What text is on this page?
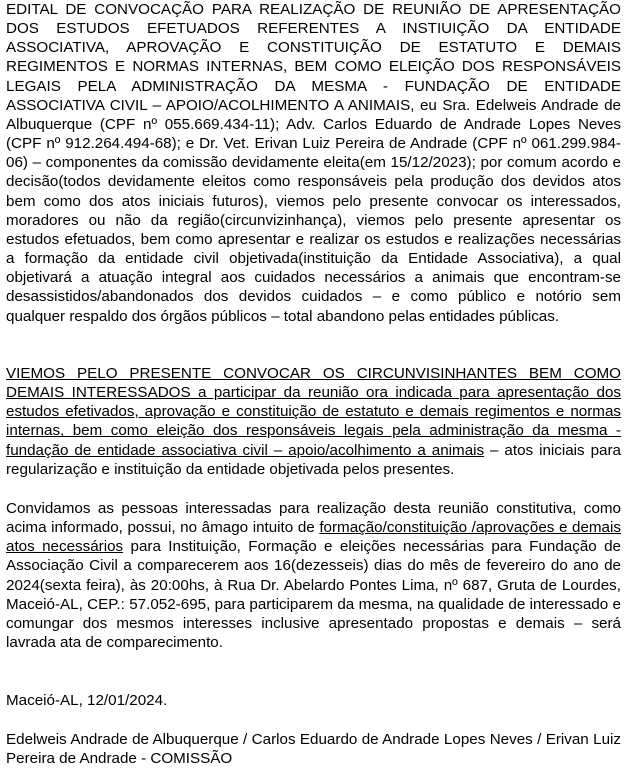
EDITAL DE CONVOCAÇÃO PARA REALIZAÇÃO DE REUNIÃO DE APRESENTAÇÃO DOS ESTUDOS EFETUADOS REFERENTES A INSTIUIÇÃO DA ENTIDADE ASSOCIATIVA, APROVAÇÃO E CONSTITUIÇÃO DE ESTATUTO E DEMAIS REGIMENTOS E NORMAS INTERNAS, BEM COMO ELEIÇÃO DOS RESPONSÁVEIS LEGAIS PELA ADMINISTRAÇÃO DA MESMA - FUNDAÇÃO DE ENTIDADE ASSOCIATIVA CIVIL – APOIO/ACOLHIMENTO A ANIMAIS, eu Sra. Edelweis Andrade de Albuquerque (CPF nº 055.669.434-11); Adv. Carlos Eduardo de Andrade Lopes Neves (CPF nº 912.264.494-68); e Dr. Vet. Erivan Luiz Pereira de Andrade (CPF nº 061.299.984-06) – componentes da comissão devidamente eleita(em 15/12/2023); por comum acordo e decisão(todos devidamente eleitos como responsáveis pela produção dos devidos atos bem como dos atos iniciais futuros), viemos pelo presente convocar os interessados, moradores ou não da região(circunvizinhança), viemos pelo presente apresentar os estudos efetuados, bem como apresentar e realizar os estudos e realizações necessárias a formação da entidade civil objetivada(instituição da Entidade Associativa), a qual objetivará a atuação integral aos cuidados necessários a animais que encontram-se desassistidos/abandonados dos devidos cuidados – e como público e notório sem qualquer respaldo dos órgãos públicos – total abandono pelas entidades públicas.

VIEMOS PELO PRESENTE CONVOCAR OS CIRCUNVISINHANTES BEM COMO DEMAIS INTERESSADOS a participar da reunião ora indicada para apresentação dos estudos efetivados, aprovação e constituição de estatuto e demais regimentos e normas internas, bem como eleição dos responsáveis legais pela administração da mesma - fundação de entidade associativa civil – apoio/acolhimento a animais – atos iniciais para regularização e instituição da entidade objetivada pelos presentes.

Convidamos as pessoas interessadas para realização desta reunião constitutiva, como acima informado, possui, no âmago intuito de formação/constituição /aprovações e demais atos necessários para Instituição, Formação e eleições necessárias para Fundação de Associação Civil a comparecerem aos 16(dezesseis) dias do mês de fevereiro do ano de 2024(sexta feira), às 20:00hs, à Rua Dr. Abelardo Pontes Lima, nº 687, Gruta de Lourdes, Maceió-AL, CEP.: 57.052-695, para participarem da mesma, na qualidade de interessado e comungar dos mesmos interesses inclusive apresentado propostas e demais – será lavrada ata de comparecimento.

Maceió-AL, 12/01/2024.

Edelweis Andrade de Albuquerque / Carlos Eduardo de Andrade Lopes Neves / Erivan Luiz Pereira de Andrade - COMISSÃO
